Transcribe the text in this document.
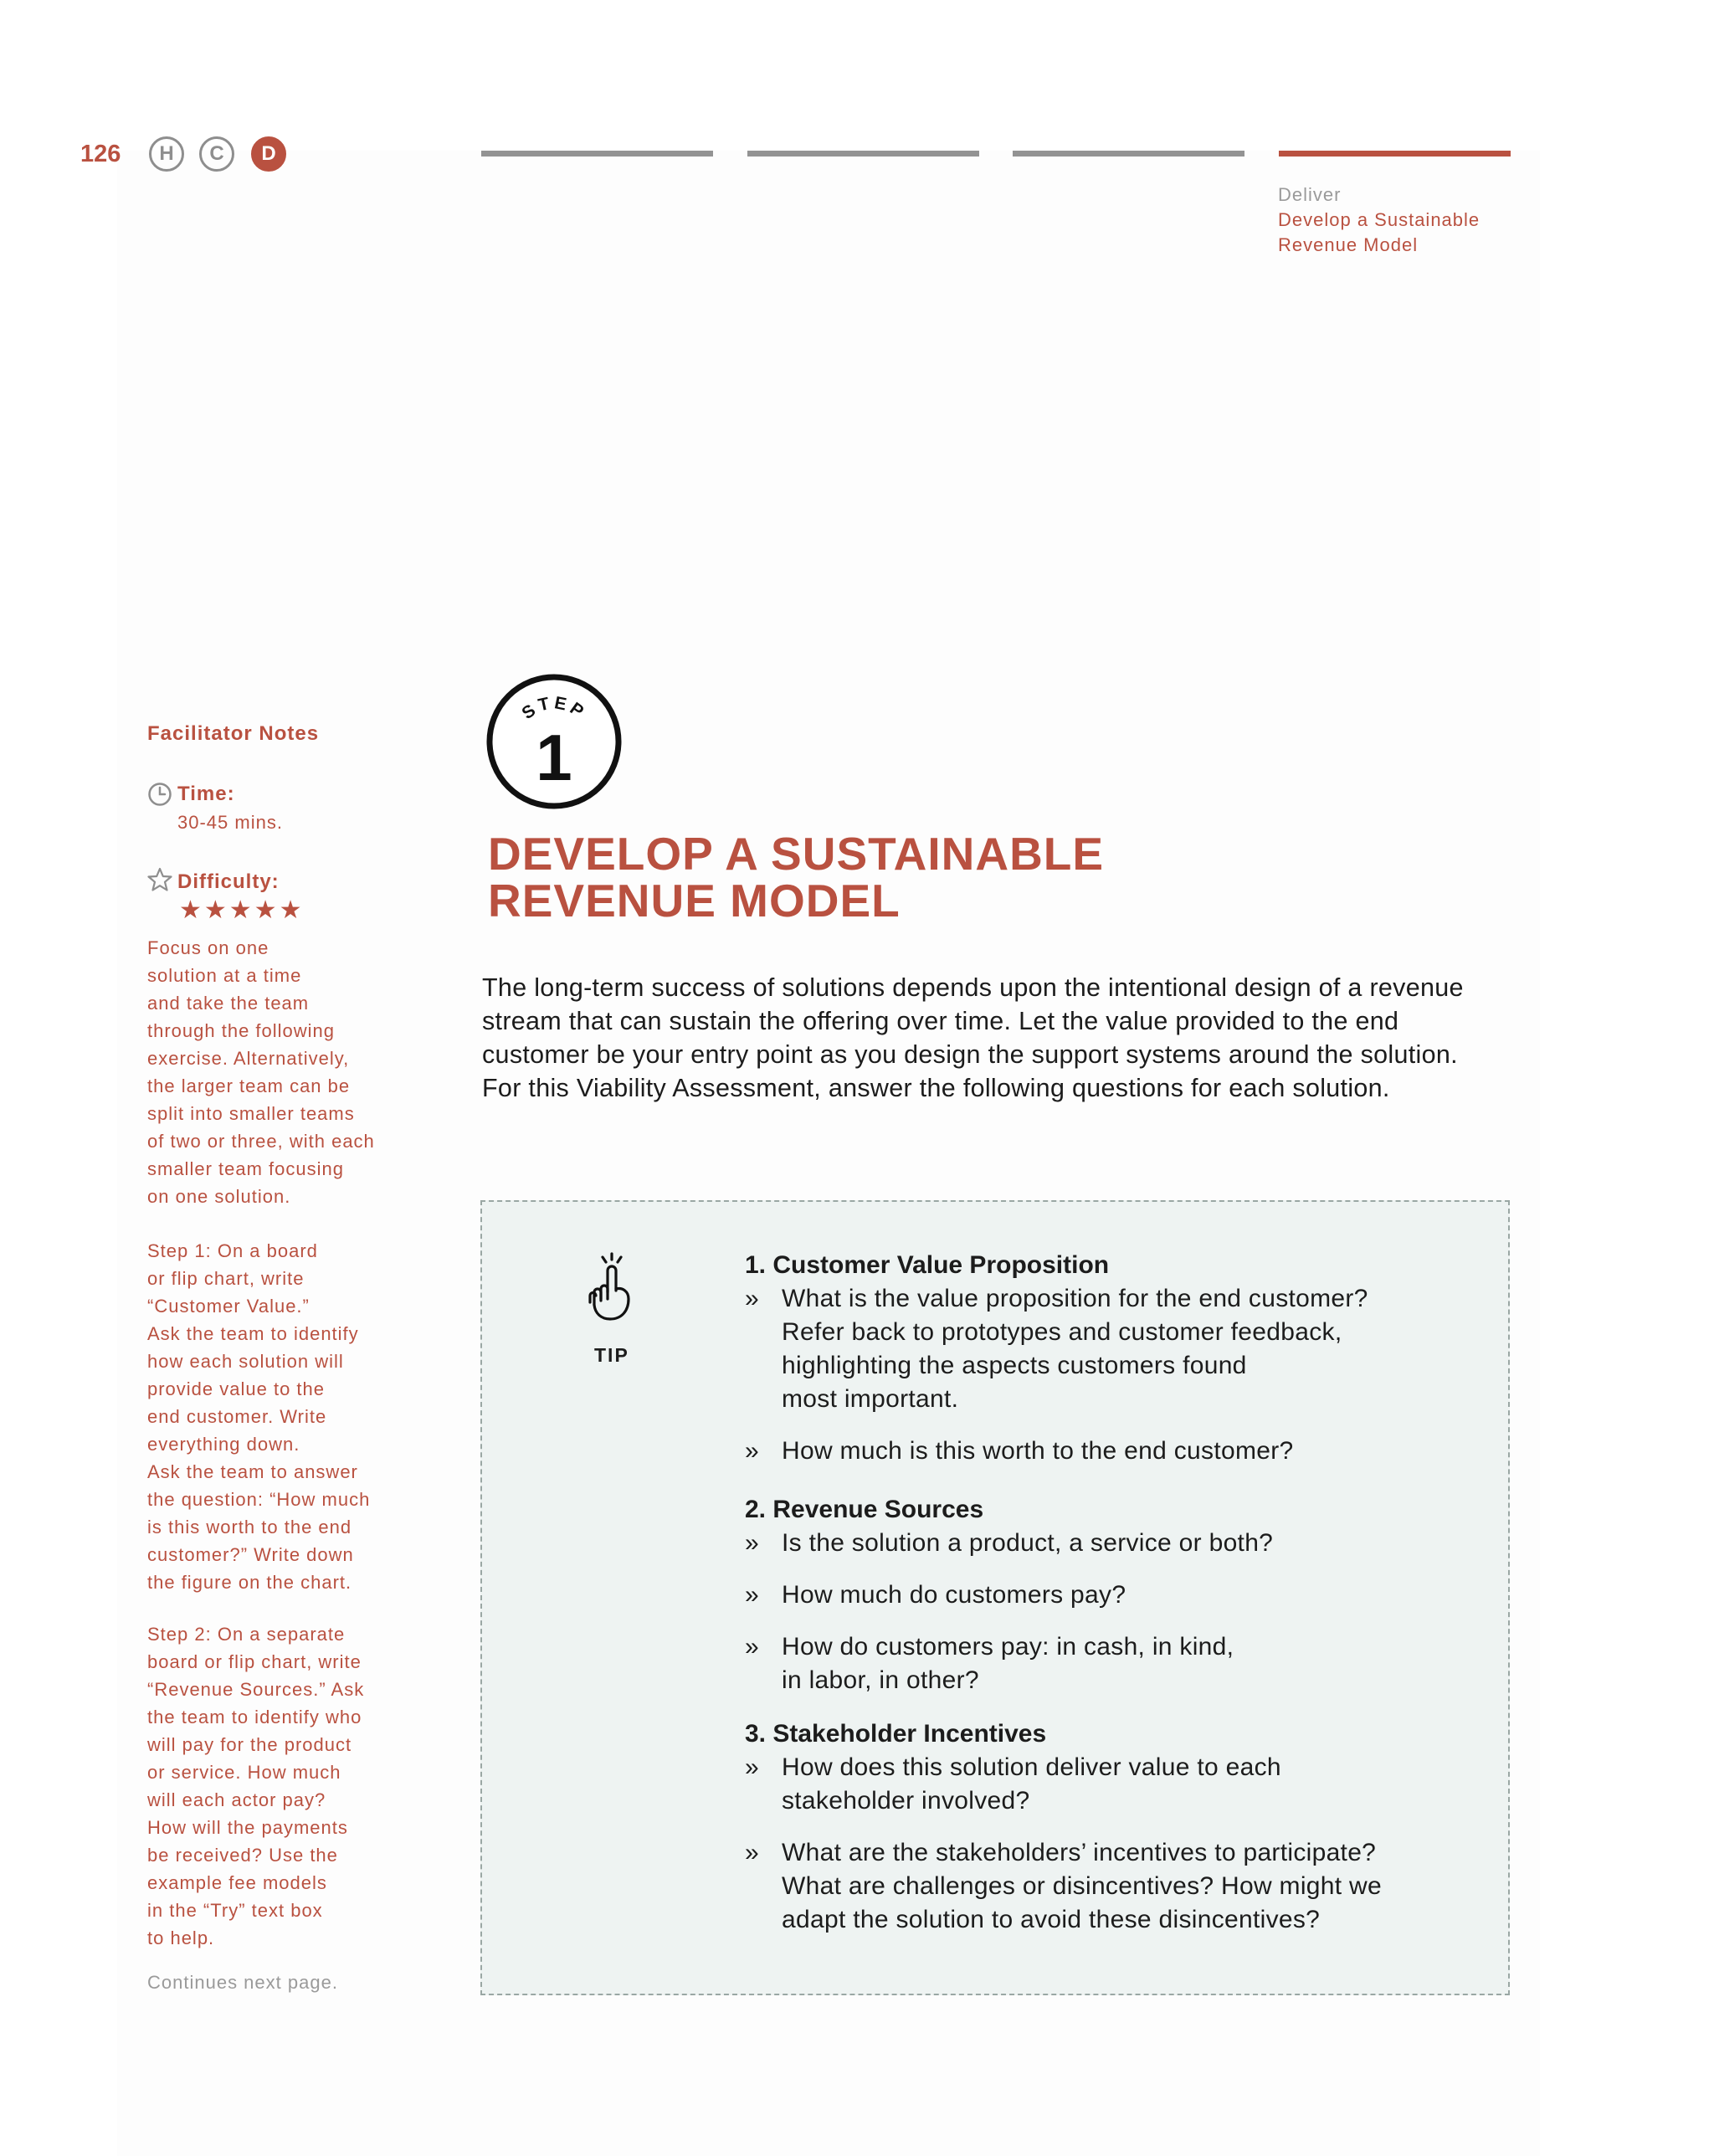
126	H	C	D
Deliver
Develop a Sustainable Revenue Model
Facilitator Notes
Time:
30-45 mins.
Difficulty:
★★★★★

Focus on one
solution at a time
and take the team
through the following
exercise. Alternatively,
the larger team can be
split into smaller teams
of two or three, with each
smaller team focusing
on one solution.

Step 1: On a board
or flip chart, write
“Customer Value.”
Ask the team to identify
how each solution will
provide value to the
end customer. Write
everything down.
Ask the team to answer
the question: “How much
is this worth to the end
customer?” Write down
the figure on the chart.

Step 2: On a separate
board or flip chart, write
“Revenue Sources.” Ask
the team to identify who
will pay for the product
or service. How much
will each actor pay?
How will the payments
be received? Use the
example fee models
in the “Try” text box
to help.

Continues next page.
STEP
1
DEVELOP A SUSTAINABLE
REVENUE MODEL

The long-term success of solutions depends upon the intentional design of a revenue stream that can sustain the offering over time. Let the value provided to the end customer be your entry point as you design the support systems around the solution. For this Viability Assessment, answer the following questions for each solution.

TIP

1. Customer Value Proposition

» What is the value proposition for the end customer?
Refer back to prototypes and customer feedback,
highlighting the aspects customers found
most important.
» How much is this worth to the end customer?

2. Revenue Sources

» Is the solution a product, a service or both?
» How much do customers pay?
» How do customers pay: in cash, in kind,
in labor, in other?

3. Stakeholder Incentives

» How does this solution deliver value to each
stakeholder involved?
» What are the stakeholders’ incentives to participate?
What are challenges or disincentives? How might we
adapt the solution to avoid these disincentives?
